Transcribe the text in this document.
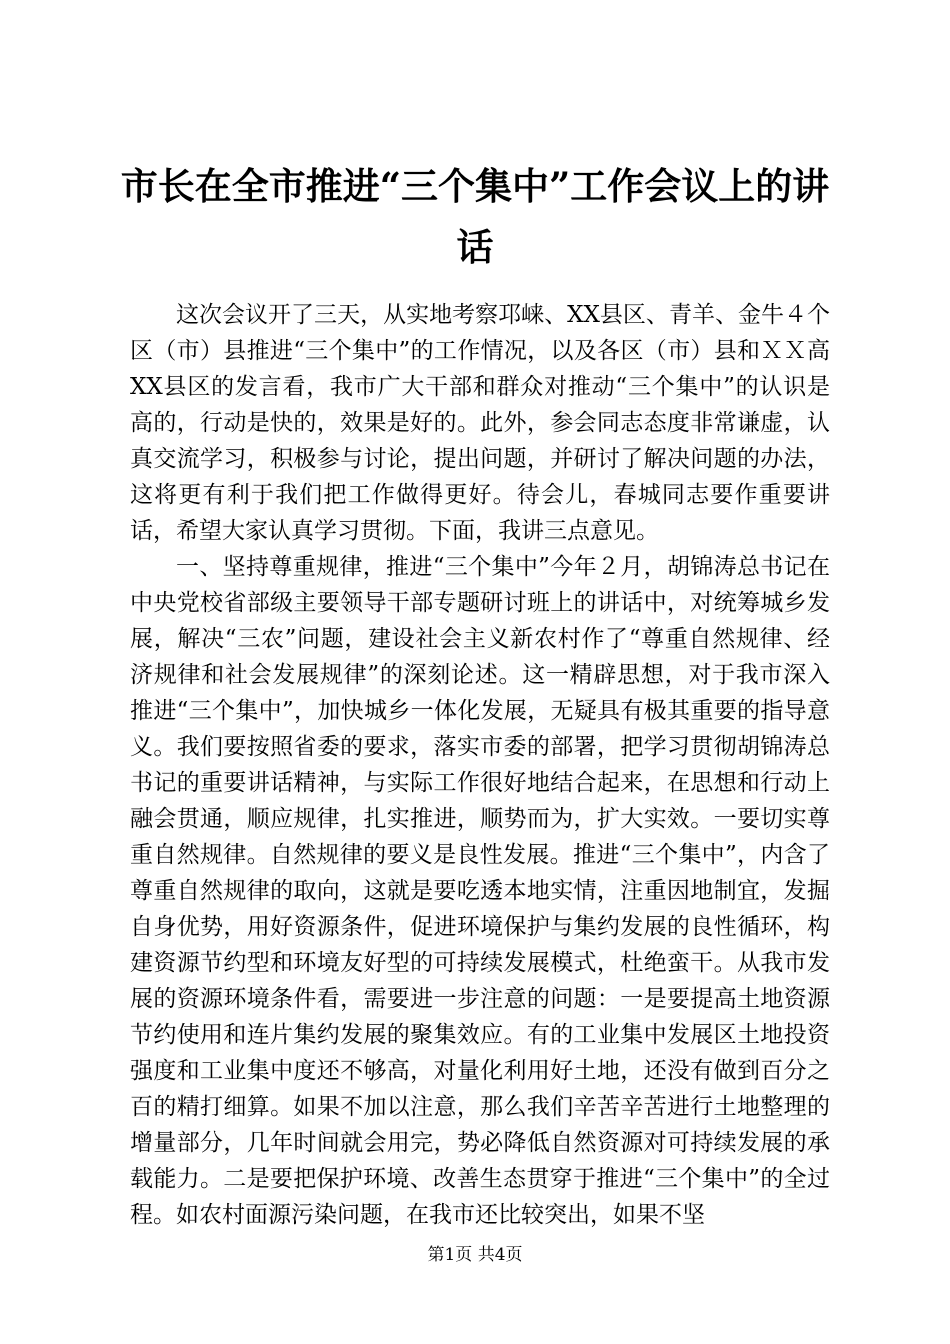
市长在全市推进“三个集中”工作会议上的讲话

这次会议开了三天，从实地考察邛崃、XX县区、青羊、金牛４个区（市）县推进“三个集中”的工作情况，以及各区（市）县和ＸＸ高XX县区的发言看，我市广大干部和群众对推动“三个集中”的认识是高的，行动是快的，效果是好的。此外，参会同志态度非常谦虚，认真交流学习，积极参与讨论，提出问题，并研讨了解决问题的办法，这将更有利于我们把工作做得更好。待会儿，春城同志要作重要讲话，希望大家认真学习贯彻。下面，我讲三点意见。

一、坚持尊重规律，推进“三个集中”今年２月，胡锦涛总书记在中央党校省部级主要领导干部专题研讨班上的讲话中，对统筹城乡发展，解决“三农”问题，建设社会主义新农村作了“尊重自然规律、经济规律和社会发展规律”的深刻论述。这一精辟思想，对于我市深入推进“三个集中”，加快城乡一体化发展，无疑具有极其重要的指导意义。我们要按照省委的要求，落实市委的部署，把学习贯彻胡锦涛总书记的重要讲话精神，与实际工作很好地结合起来，在思想和行动上融会贯通，顺应规律，扎实推进，顺势而为，扩大实效。一要切实尊重自然规律。自然规律的要义是良性发展。推进“三个集中”，内含了尊重自然规律的取向，这就是要吃透本地实情，注重因地制宜，发掘自身优势，用好资源条件，促进环境保护与集约发展的良性循环，构建资源节约型和环境友好型的可持续发展模式，杜绝蛮干。从我市发展的资源环境条件看，需要进一步注意的问题：一是要提高土地资源节约使用和连片集约发展的聚集效应。有的工业集中发展区土地投资强度和工业集中度还不够高，对量化利用好土地，还没有做到百分之百的精打细算。如果不加以注意，那么我们辛苦辛苦进行土地整理的增量部分，几年时间就会用完，势必降低自然资源对可持续发展的承载能力。二是要把保护环境、改善生态贯穿于推进“三个集中”的全过程。如农村面源污染问题，在我市还比较突出，如果不坚

第1页 共4页
